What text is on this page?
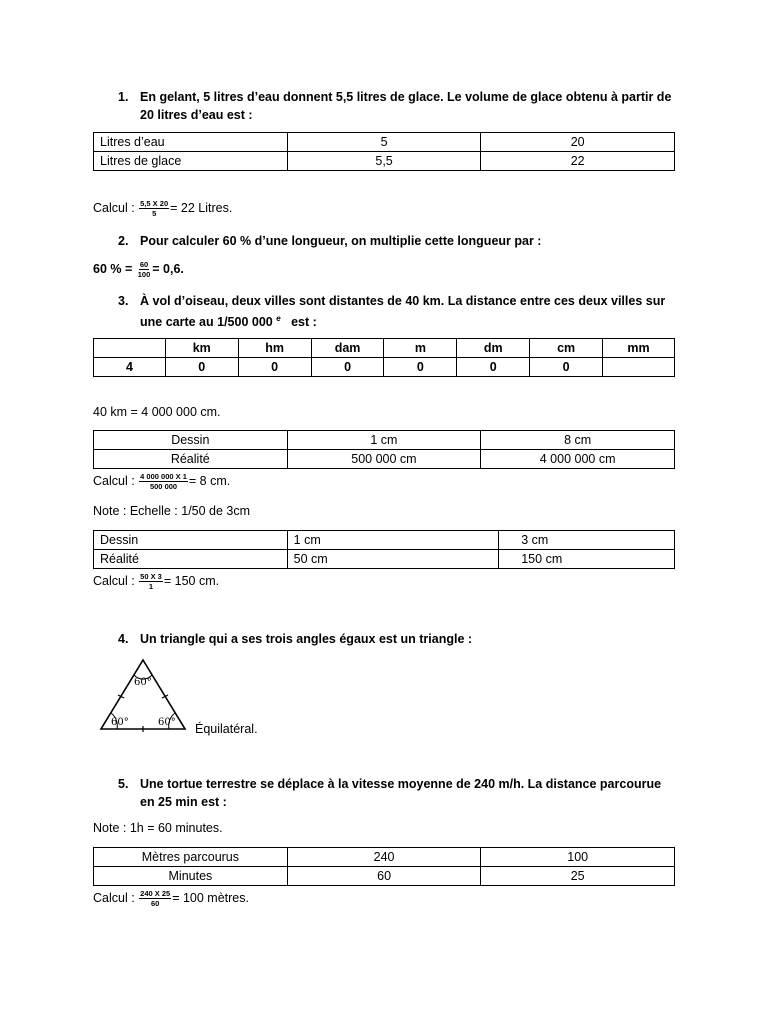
1. En gelant, 5 litres d’eau donnent 5,5 litres de glace. Le volume de glace obtenu à partir de
20 litres d’eau est :
Litres d’eau	5	20
Litres de glace	5,5	22
Calcul : $\frac{5,5 X 20}{5} = 22$ Litres.
2. Pour calculer 60 % d’une longueur, on multiplie cette longueur par :
60 % = $\frac{60}{100} = 0,6$.
3. À vol d’oiseau, deux villes sont distantes de 40 km. La distance entre ces deux villes sur
une carte au 1/500 000 $^e$ est :
	km	hm	dam	m	dm	cm	mm
4	0	0	0	0	0	0	
40 km = 4 000 000 cm.
Dessin	1 cm	8 cm
Réalité	500 000 cm	4 000 000 cm
Calcul : $\frac{4 000 000 X 1}{500 000} = 8$ cm.
Note : Echelle : 1/50 de 3cm
Dessin	1 cm	3 cm
Réalité	50 cm	150 cm
Calcul : $\frac{50 X 3}{1} = 150$ cm.
4. Un triangle qui a ses trois angles égaux est un triangle :
60°
60°	60° Équilatéral.
5. Une tortue terrestre se déplace à la vitesse moyenne de 240 m/h. La distance parcourue
en 25 min est :
Note : 1h = 60 minutes.
Mètres parcourus	240	100
Minutes	60	25
Calcul : $\frac{240 X 25}{60} = 100$ mètres.
